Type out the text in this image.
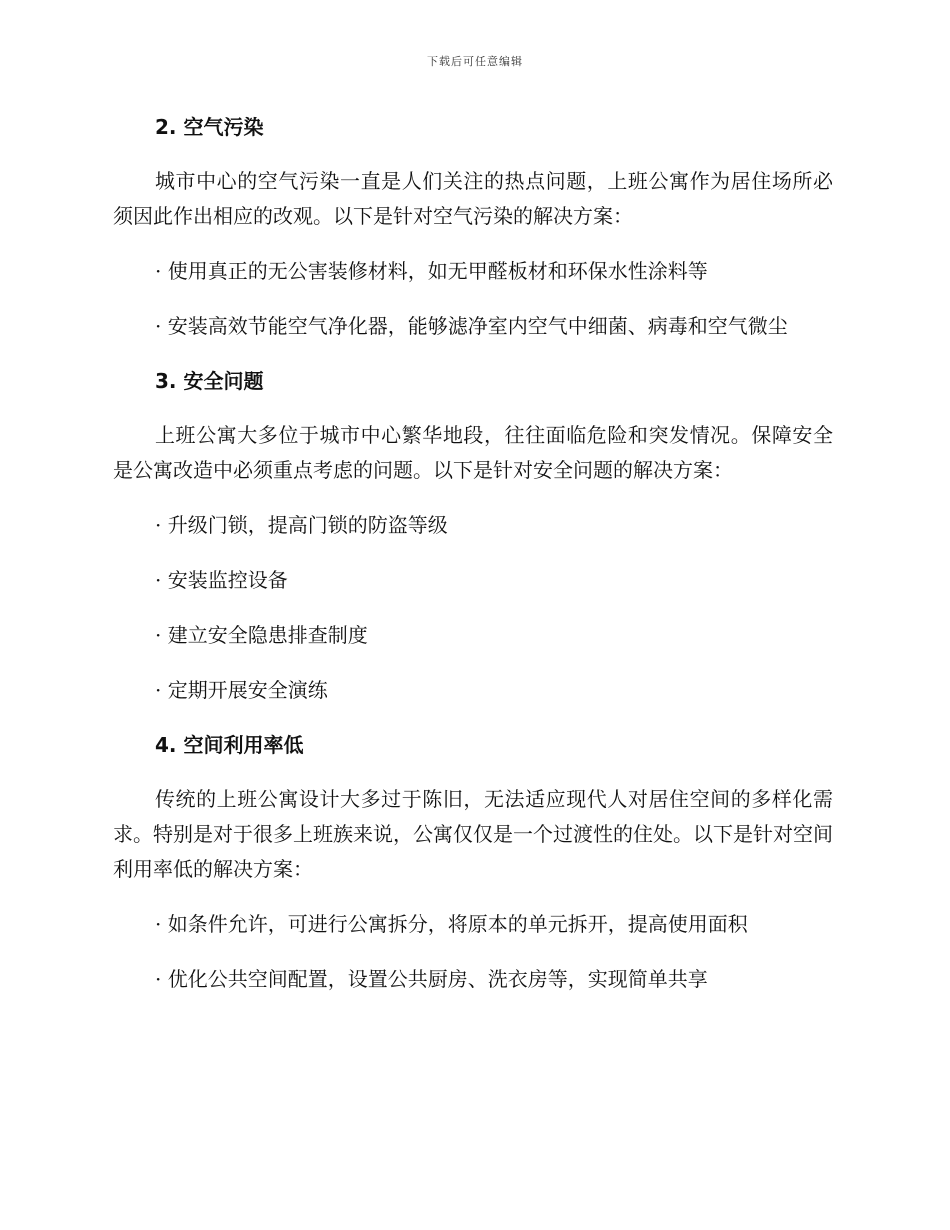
下载后可任意编辑
2. 空气污染
城市中心的空气污染一直是人们关注的热点问题，上班公寓作为居住场所必须因此作出相应的改观。以下是针对空气污染的解决方案：
· 使用真正的无公害装修材料，如无甲醛板材和环保水性涂料等
· 安装高效节能空气净化器，能够滤净室内空气中细菌、病毒和空气微尘
3. 安全问题
上班公寓大多位于城市中心繁华地段，往往面临危险和突发情况。保障安全是公寓改造中必须重点考虑的问题。以下是针对安全问题的解决方案：
· 升级门锁，提高门锁的防盗等级
· 安装监控设备
· 建立安全隐患排查制度
· 定期开展安全演练
4. 空间利用率低
传统的上班公寓设计大多过于陈旧，无法适应现代人对居住空间的多样化需求。特别是对于很多上班族来说，公寓仅仅是一个过渡性的住处。以下是针对空间利用率低的解决方案：
· 如条件允许，可进行公寓拆分，将原本的单元拆开，提高使用面积
· 优化公共空间配置，设置公共厨房、洗衣房等，实现简单共享
